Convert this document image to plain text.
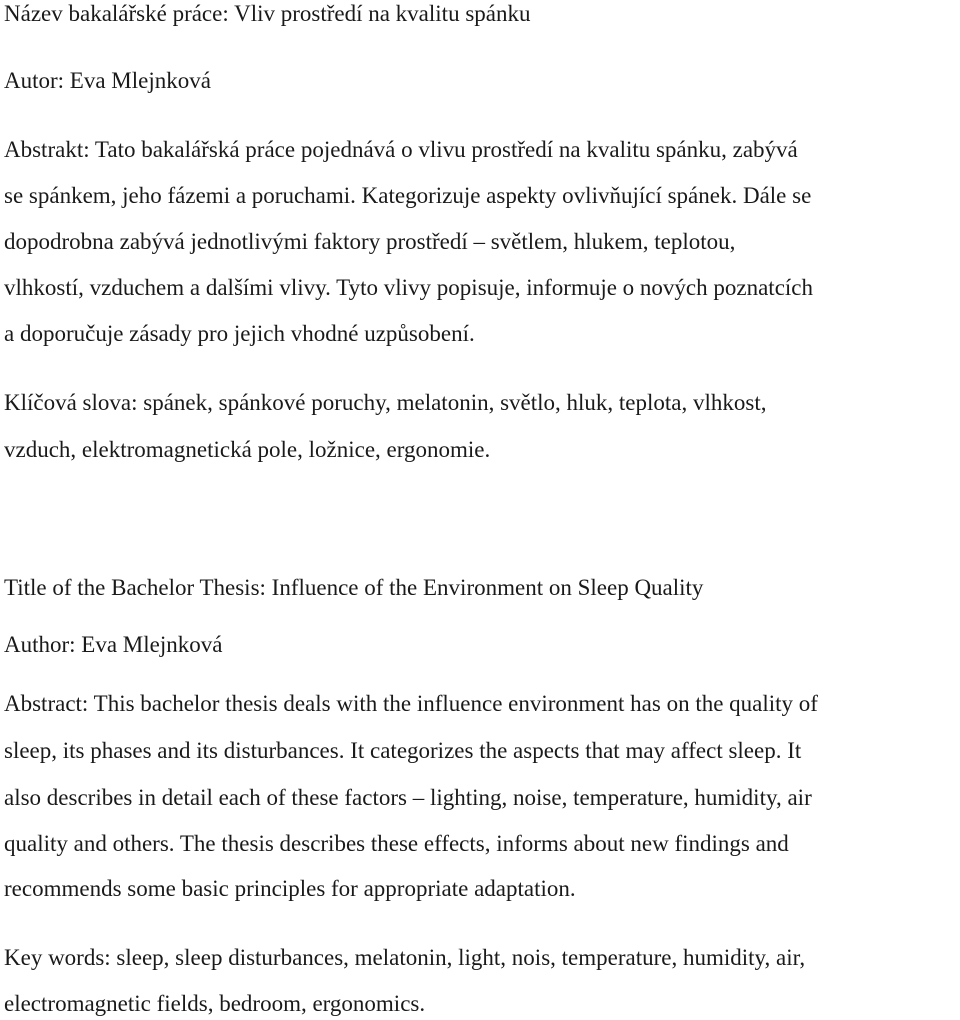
Název bakalářské práce: Vliv prostředí na kvalitu spánku
Autor: Eva Mlejnková
Abstrakt: Tato bakalářská práce pojednává o vlivu prostředí na kvalitu spánku, zabývá
se spánkem, jeho fázemi a poruchami. Kategorizuje aspekty ovlivňující spánek. Dále se
dopodrobna zabývá jednotlivými faktory prostředí – světlem, hlukem, teplotou,
vlhkostí, vzduchem a dalšími vlivy. Tyto vlivy popisuje, informuje o nových poznatcích
a doporučuje zásady pro jejich vhodné uzpůsobení.
Klíčová slova: spánek, spánkové poruchy, melatonin, světlo, hluk, teplota, vlhkost,
vzduch, elektromagnetická pole, ložnice, ergonomie.
Title of the Bachelor Thesis: Influence of the Environment on Sleep Quality
Author: Eva Mlejnková
Abstract: This bachelor thesis deals with the influence environment has on the quality of
sleep, its phases and its disturbances. It categorizes the aspects that may affect sleep. It
also describes in detail each of these factors – lighting, noise, temperature, humidity, air
quality and others. The thesis describes these effects, informs about new findings and
recommends some basic principles for appropriate adaptation.
Key words: sleep, sleep disturbances, melatonin, light, nois, temperature, humidity, air,
electromagnetic fields, bedroom, ergonomics.
